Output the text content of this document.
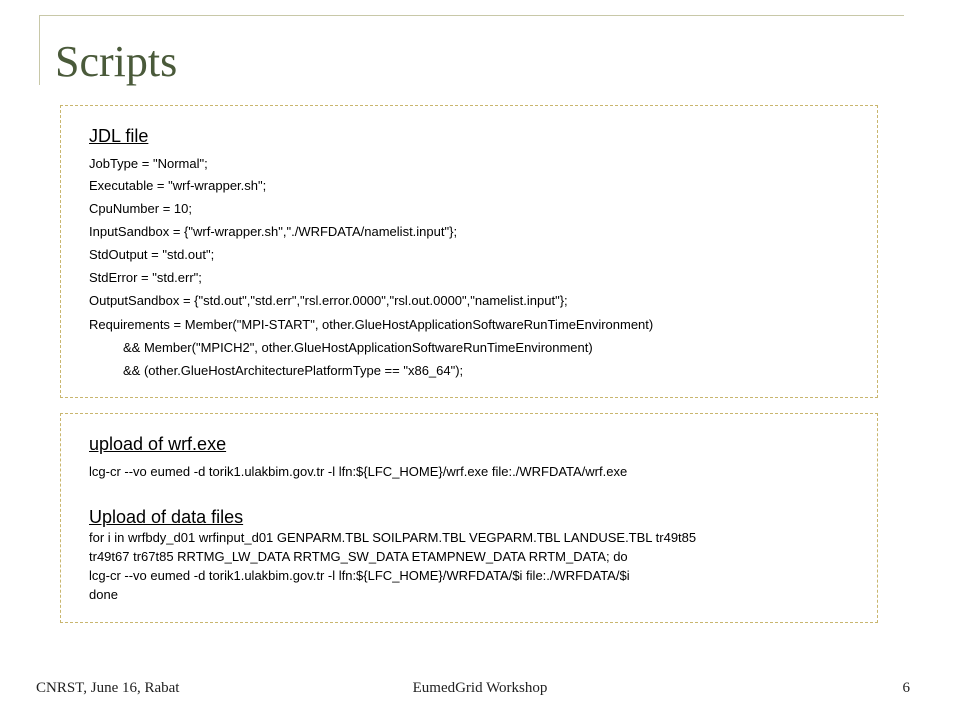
Scripts

JDL file

JobType = "Normal";

Executable = "wrf-wrapper.sh";

CpuNumber = 10;

InputSandbox = {"wrf-wrapper.sh","./WRFDATA/namelist.input"};

StdOutput = "std.out";

StdError = "std.err";

OutputSandbox = {"std.out","std.err","rsl.error.0000","rsl.out.0000","namelist.input"};

Requirements = Member("MPI-START", other.GlueHostApplicationSoftwareRunTimeEnvironment)

&& Member("MPICH2", other.GlueHostApplicationSoftwareRunTimeEnvironment)

&& (other.GlueHostArchitecturePlatformType == "x86_64");

upload of wrf.exe

lcg-cr --vo eumed -d torik1.ulakbim.gov.tr -l lfn:${LFC_HOME}/wrf.exe file:./WRFDATA/wrf.exe

Upload of data files

for i in wrfbdy_d01 wrfinput_d01 GENPARM.TBL SOILPARM.TBL VEGPARM.TBL LANDUSE.TBL tr49t85

tr49t67 tr67t85 RRTMG_LW_DATA RRTMG_SW_DATA ETAMPNEW_DATA RRTM_DATA; do

lcg-cr --vo eumed -d torik1.ulakbim.gov.tr -l lfn:${LFC_HOME}/WRFDATA/$i file:./WRFDATA/$i

done

CNRST, June 16, Rabat	EumedGrid Workshop	6
